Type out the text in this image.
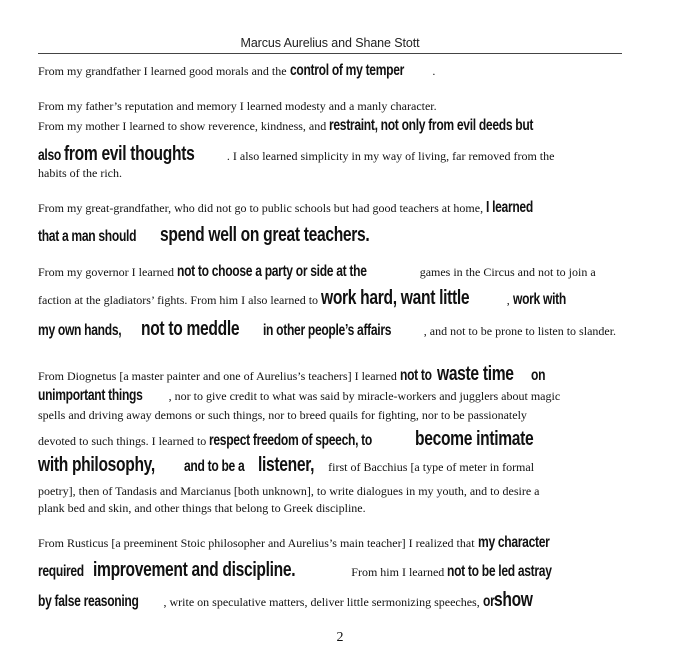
Marcus Aurelius and Shane Stott
From my grandfather I learned good morals and the control of my temper .
From my father’s reputation and memory I learned modesty and a manly character.
From my mother I learned to show reverence, kindness, and restraint, not only from evil deeds but
alsofrom evil thoughts	. I also learned simplicity in my way of living, far removed from the
habits of the rich.
From my great-grandfather, who did not go to public schools but had good teachers at home, I learned
that a man shouldspend well on great teachers.
From my governor I learned not to choose a party or side at the	games in the Circus and not to join a
faction at the gladiators’ fights. From him I also learned to work hard, want little	, work with
my own hands,not to meddlein other people’s affairs	, and not to be prone to listen to slander.
From Diognetus [a master painter and one of Aurelius’s teachers] I learned not towaste timeon
unimportant things , nor to give credit to what was said by miracle-workers and jugglers about magic
spells and driving away demons or such things, nor to breed quails for fighting, nor to be passionately
devoted to such things. I learned to respect freedom of speech, tobecome intimate
with philosophy,and to be alistener, first of Bacchius [a type of meter in formal
poetry], then of Tandasis and Marcianus [both unknown], to write dialogues in my youth, and to desire a
plank bed and skin, and other things that belong to Greek discipline.
From Rusticus [a preeminent Stoic philosopher and Aurelius’s main teacher] I realized that my character
requiredimprovement and discipline.	From him I learned not to be led astray
by false reasoning , write on speculative matters, deliver little sermonizing speeches, orshow
2
